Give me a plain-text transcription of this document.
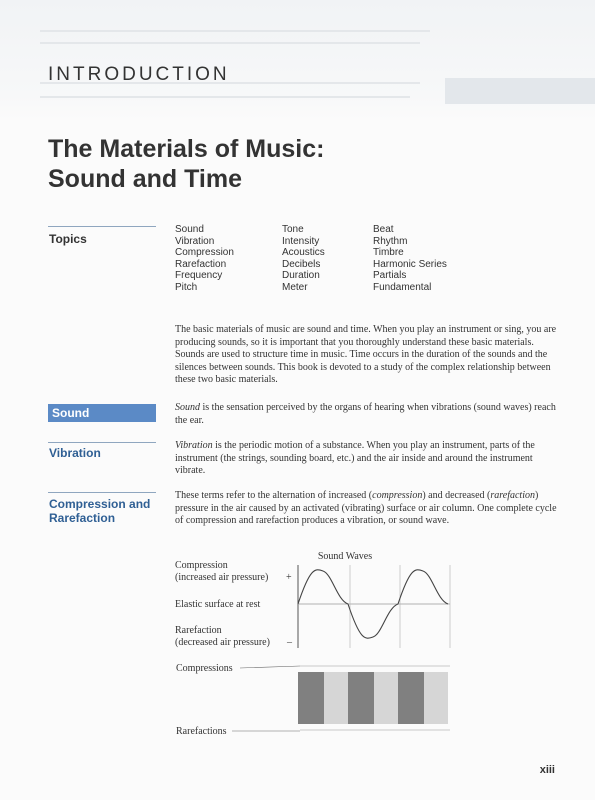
INTRODUCTION
The Materials of Music:
Sound and Time
Topics
Sound
Vibration
Compression
Rarefaction
Frequency
Pitch
Tone
Intensity
Acoustics
Decibels
Duration
Meter
Beat
Rhythm
Timbre
Harmonic Series
Partials
Fundamental

The basic materials of music are sound and time. When you play an instrument or sing, you are producing sounds, so it is important that you thoroughly understand these basic materials. Sounds are used to structure time in music. Time occurs in the duration of the sounds and the silences between sounds. This book is devoted to a study of the complex relationship between these two basic materials.

Sound	Sound is the sensation perceived by the organs of hearing when vibrations (sound waves) reach the ear.

Vibration

Vibration is the periodic motion of a substance. When you play an instrument, parts of the instrument (the strings, sounding board, etc.) and the air inside and around the instrument vibrate.

Compression and
Rarefaction

These terms refer to the alternation of increased (compression) and decreased (rarefaction) pressure in the air caused by an activated (vibrating) surface or air column. One complete cycle of compression and rarefaction produces a vibration, or sound wave.

Sound Waves
Compression
(increased air pressure) +
Elastic surface at rest
Rarefaction
(decreased air pressure) –
Compressions
Rarefactions
xiii
